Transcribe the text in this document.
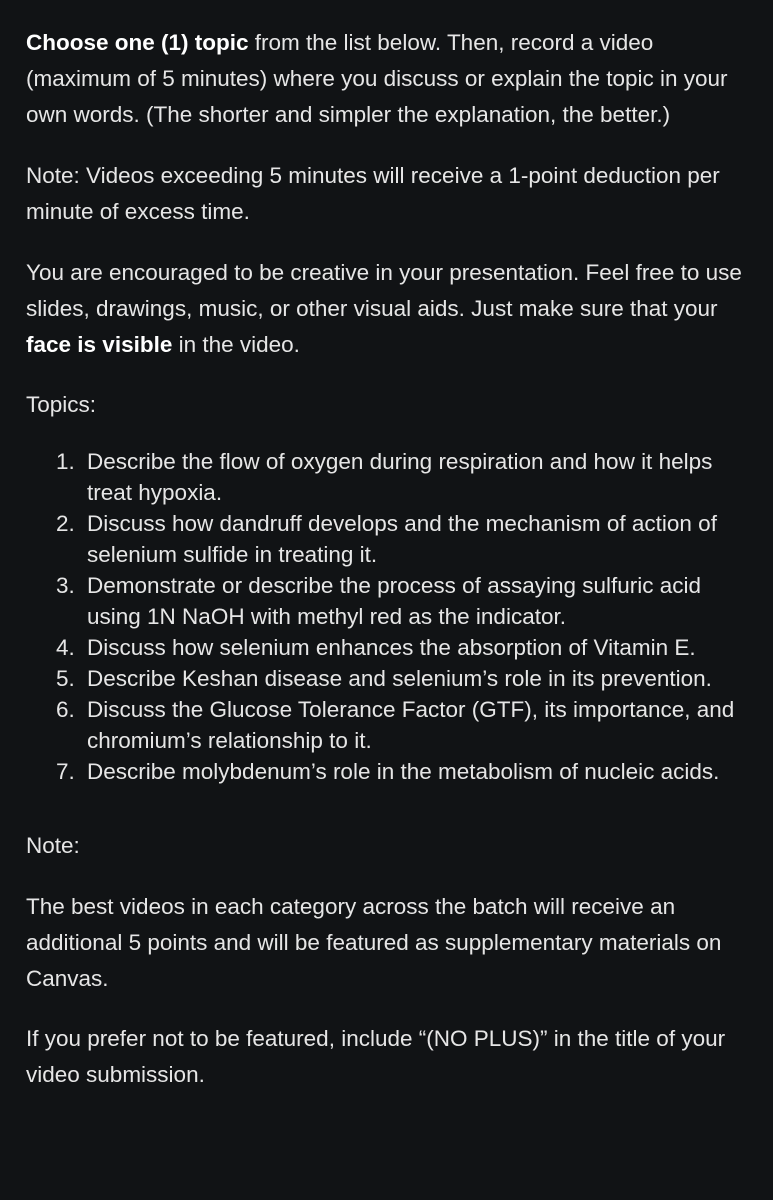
Choose one (1) topic from the list below. Then, record a video (maximum of 5 minutes) where you discuss or explain the topic in your own words. (The shorter and simpler the explanation, the better.)

Note: Videos exceeding 5 minutes will receive a 1-point deduction per minute of excess time.

You are encouraged to be creative in your presentation. Feel free to use slides, drawings, music, or other visual aids. Just make sure that your face is visible in the video.

Topics:

1. Describe the flow of oxygen during respiration and how it helps treat hypoxia.
2. Discuss how dandruff develops and the mechanism of action of selenium sulfide in treating it.
3. Demonstrate or describe the process of assaying sulfuric acid using 1N NaOH with methyl red as the indicator.
4. Discuss how selenium enhances the absorption of Vitamin E.
5. Describe Keshan disease and selenium’s role in its prevention.
6. Discuss the Glucose Tolerance Factor (GTF), its importance, and chromium’s relationship to it.
7. Describe molybdenum’s role in the metabolism of nucleic acids.

Note:

The best videos in each category across the batch will receive an additional 5 points and will be featured as supplementary materials on Canvas.

If you prefer not to be featured, include “(NO PLUS)” in the title of your video submission.
